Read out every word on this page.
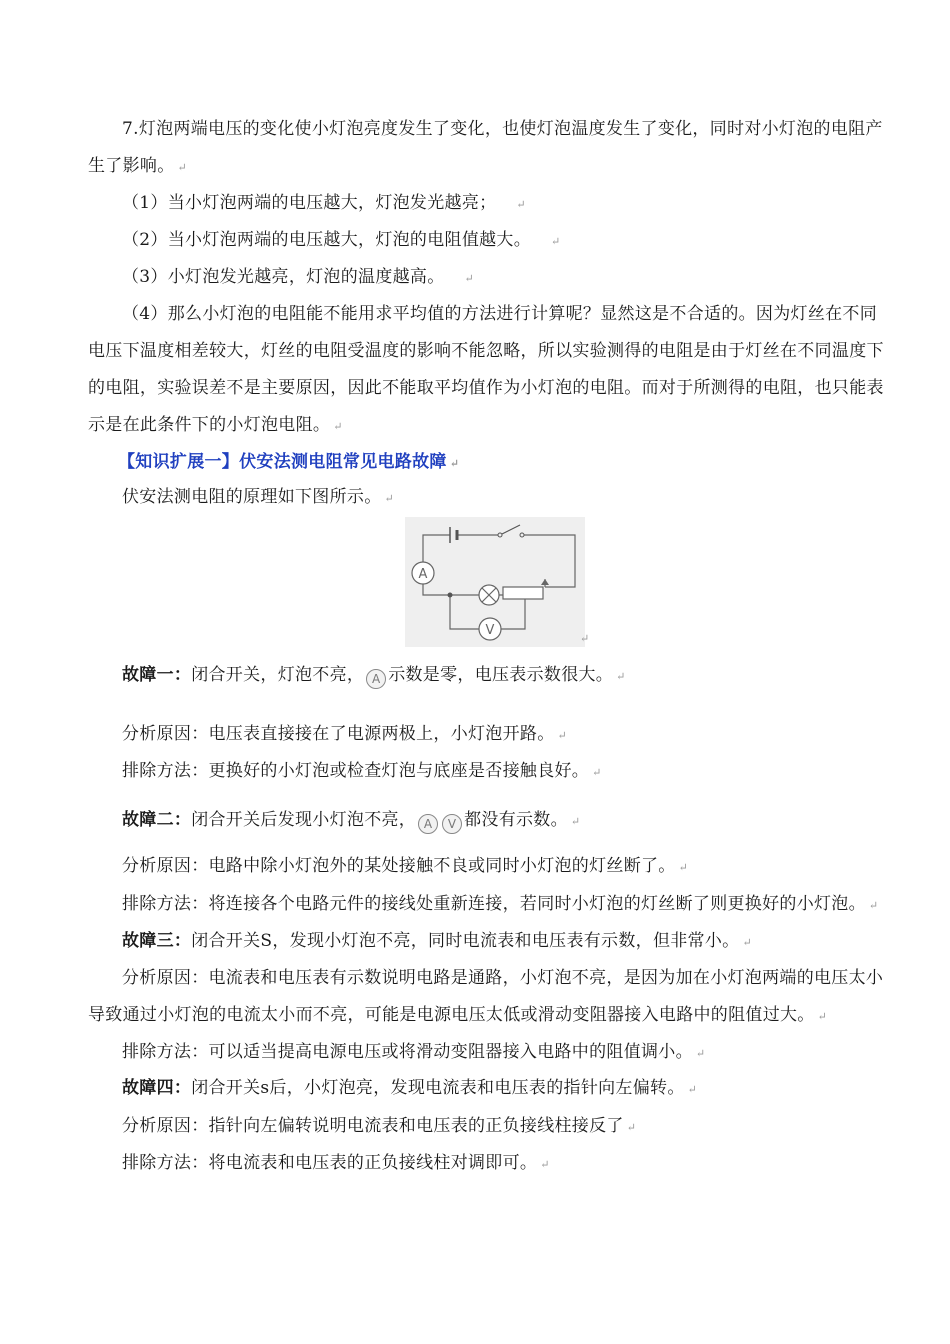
7.灯泡两端电压的变化使小灯泡亮度发生了变化，也使灯泡温度发生了变化，同时对小灯泡的电阻产
生了影响。 ↵
（1）当小灯泡两端的电压越大，灯泡发光越亮； ↵
（2）当小灯泡两端的电压越大，灯泡的电阻值越大。 ↵
（3）小灯泡发光越亮，灯泡的温度越高。 ↵
（4）那么小灯泡的电阻能不能用求平均值的方法进行计算呢？显然这是不合适的。因为灯丝在不同
电压下温度相差较大，灯丝的电阻受温度的影响不能忽略，所以实验测得的电阻是由于灯丝在不同温度下
的电阻，实验误差不是主要原因，因此不能取平均值作为小灯泡的电阻。而对于所测得的电阻，也只能表
示是在此条件下的小灯泡电阻。 ↵
【知识扩展一】伏安法测电阻常见电路故障 ↵
伏安法测电阻的原理如下图所示。 ↵
A
V
↵
故障一：闭合开关，灯泡不亮， A 示数是零，电压表示数很大。 ↵
分析原因：电压表直接接在了电源两极上，小灯泡开路。 ↵
排除方法：更换好的小灯泡或检查灯泡与底座是否接触良好。 ↵
故障二：闭合开关后发现小灯泡不亮， A V 都没有示数。 ↵
分析原因：电路中除小灯泡外的某处接触不良或同时小灯泡的灯丝断了。 ↵
排除方法：将连接各个电路元件的接线处重新连接，若同时小灯泡的灯丝断了则更换好的小灯泡。 ↵
故障三：闭合开关S，发现小灯泡不亮，同时电流表和电压表有示数，但非常小。 ↵
分析原因：电流表和电压表有示数说明电路是通路，小灯泡不亮，是因为加在小灯泡两端的电压太小
导致通过小灯泡的电流太小而不亮，可能是电源电压太低或滑动变阻器接入电路中的阻值过大。 ↵
排除方法：可以适当提高电源电压或将滑动变阻器接入电路中的阻值调小。 ↵
故障四：闭合开关s后，小灯泡亮，发现电流表和电压表的指针向左偏转。 ↵
分析原因：指针向左偏转说明电流表和电压表的正负接线柱接反了 ↵
排除方法：将电流表和电压表的正负接线柱对调即可。 ↵
